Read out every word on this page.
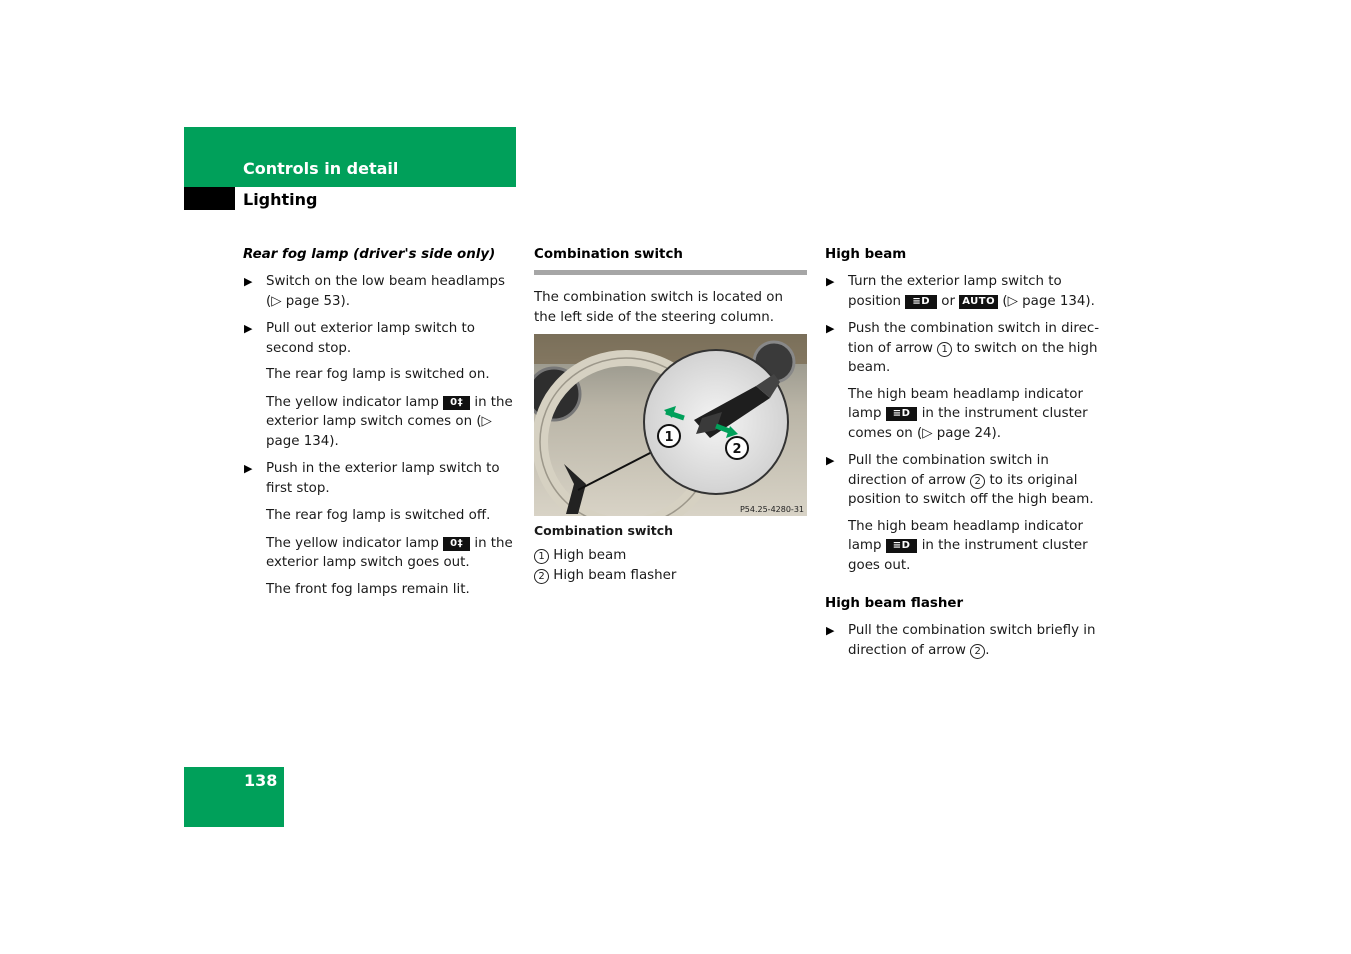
Controls in detail
Lighting
Rear fog lamp (driver's side only)
▶ Switch on the low beam headlamps (▷ page 53).

▶ Pull out exterior lamp switch to second stop.

The rear fog lamp is switched on.
The yellow indicator lamp 0‡ in the exterior lamp switch comes on (▷ page 134).
▶ Push in the exterior lamp switch to first stop.

The rear fog lamp is switched off.
The yellow indicator lamp 0‡ in the exterior lamp switch goes out.
The front fog lamps remain lit.
Combination switch

The combination switch is located on the left side of the steering column.

1
2
P54.25-4280-31
Combination switch
1 High beam
2 High beam flasher
High beam
▶ Turn the exterior lamp switch to position ≡D or AUTO (▷ page 134).

▶ Push the combination switch in direc-tion of arrow 1 to switch on the high beam.

The high beam headlamp indicator lamp ≡D in the instrument cluster comes on (▷ page 24).
▶ Pull the combination switch in direction of arrow 2 to its original position to switch off the high beam.

The high beam headlamp indicator lamp ≡D in the instrument cluster goes out.
High beam flasher
▶ Pull the combination switch briefly in direction of arrow 2 .

138
